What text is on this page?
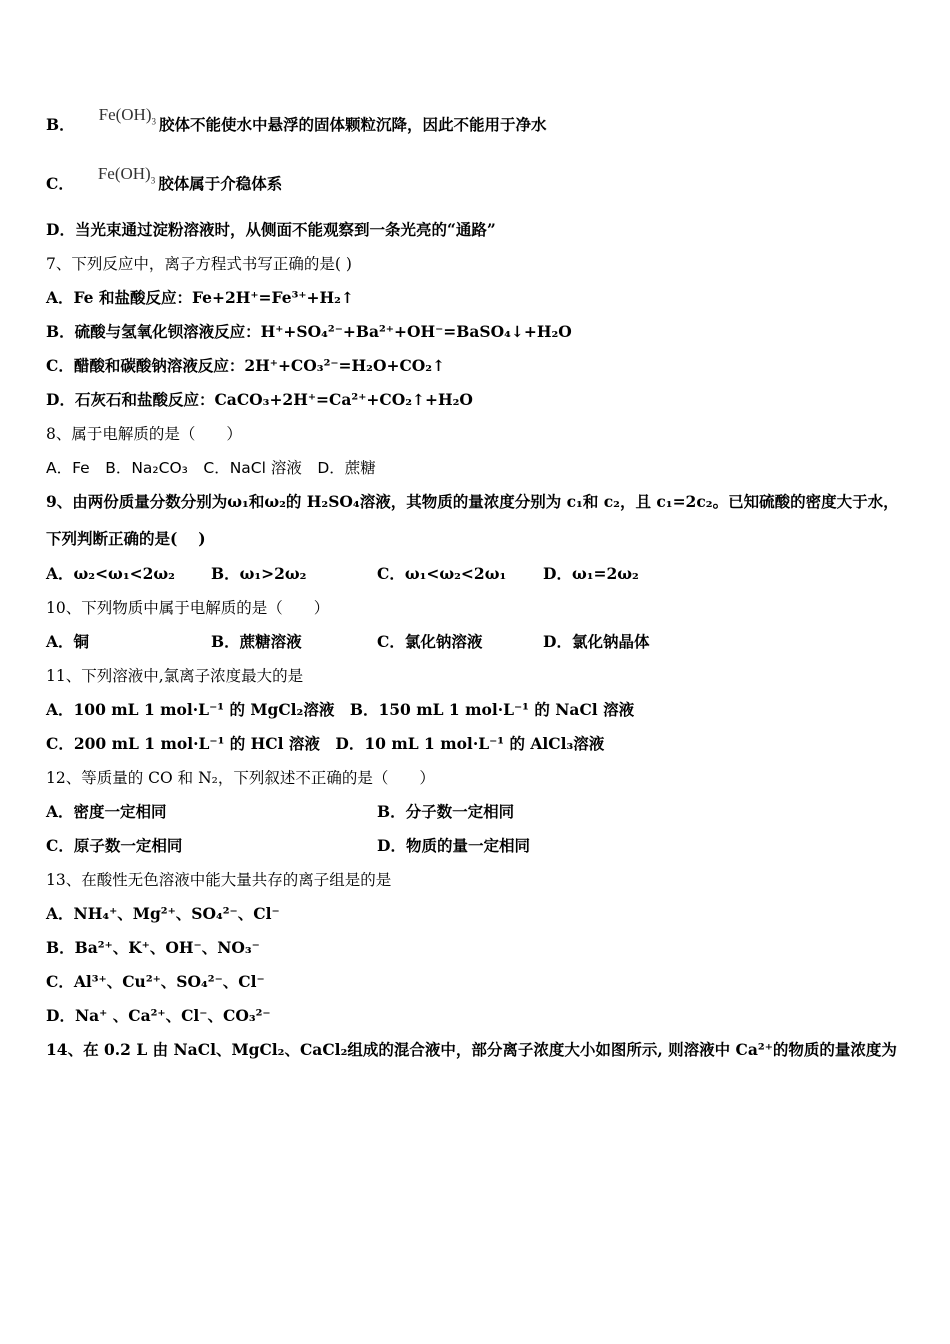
B．$Fe(OH)_3$ 胶体不能使水中悬浮的固体颗粒沉降，因此不能用于净水
C．$Fe(OH)_3$ 胶体属于介稳体系
D．当光束通过淀粉溶液时，从侧面不能观察到一条光亮的“通路”
7、下列反应中，离子方程式书写正确的是( )
A．Fe 和盐酸反应：Fe+2H⁺=Fe³⁺+H₂↑
B．硫酸与氢氧化钡溶液反应：H⁺+SO₄²⁻+Ba²⁺+OH⁻=BaSO₄↓+H₂O
C．醋酸和碳酸钠溶液反应：2H⁺+CO₃²⁻=H₂O+CO₂↑
D．石灰石和盐酸反应：CaCO₃+2H⁺=Ca²⁺+CO₂↑+H₂O
8、属于电解质的是（　　）
A．Fe　B．Na₂CO₃　C．NaCl 溶液　D．蔗糖
9、由两份质量分数分别为ω₁和ω₂的 H₂SO₄溶液，其物质的量浓度分别为 c₁和 c₂，且 c₁=2c₂。已知硫酸的密度大于水，
下列判断正确的是(　 )
A．ω₂<ω₁<2ω₂ B．ω₁>2ω₂	C．ω₁<ω₂<2ω₁ D．ω₁=2ω₂
10、下列物质中属于电解质的是（　　）
A．铜	B．蔗糖溶液	C．氯化钠溶液	D．氯化钠晶体
11、下列溶液中,氯离子浓度最大的是
A．100 mL 1 mol·L⁻¹ 的 MgCl₂溶液　B．150 mL 1 mol·L⁻¹ 的 NaCl 溶液
C．200 mL 1 mol·L⁻¹ 的 HCl 溶液　D．10 mL 1 mol·L⁻¹ 的 AlCl₃溶液
12、等质量的 CO 和 N₂，下列叙述不正确的是（　　）
A．密度一定相同	B．分子数一定相同
C．原子数一定相同	D．物质的量一定相同
13、在酸性无色溶液中能大量共存的离子组是的是
A．NH₄⁺、Mg²⁺、SO₄²⁻、Cl⁻
B．Ba²⁺、K⁺、OH⁻、NO₃⁻
C．Al³⁺、Cu²⁺、SO₄²⁻、Cl⁻
D．Na⁺ 、Ca²⁺、Cl⁻、CO₃²⁻
14、在 0.2 L 由 NaCl、MgCl₂、CaCl₂组成的混合液中，部分离子浓度大小如图所示, 则溶液中 Ca²⁺的物质的量浓度为
